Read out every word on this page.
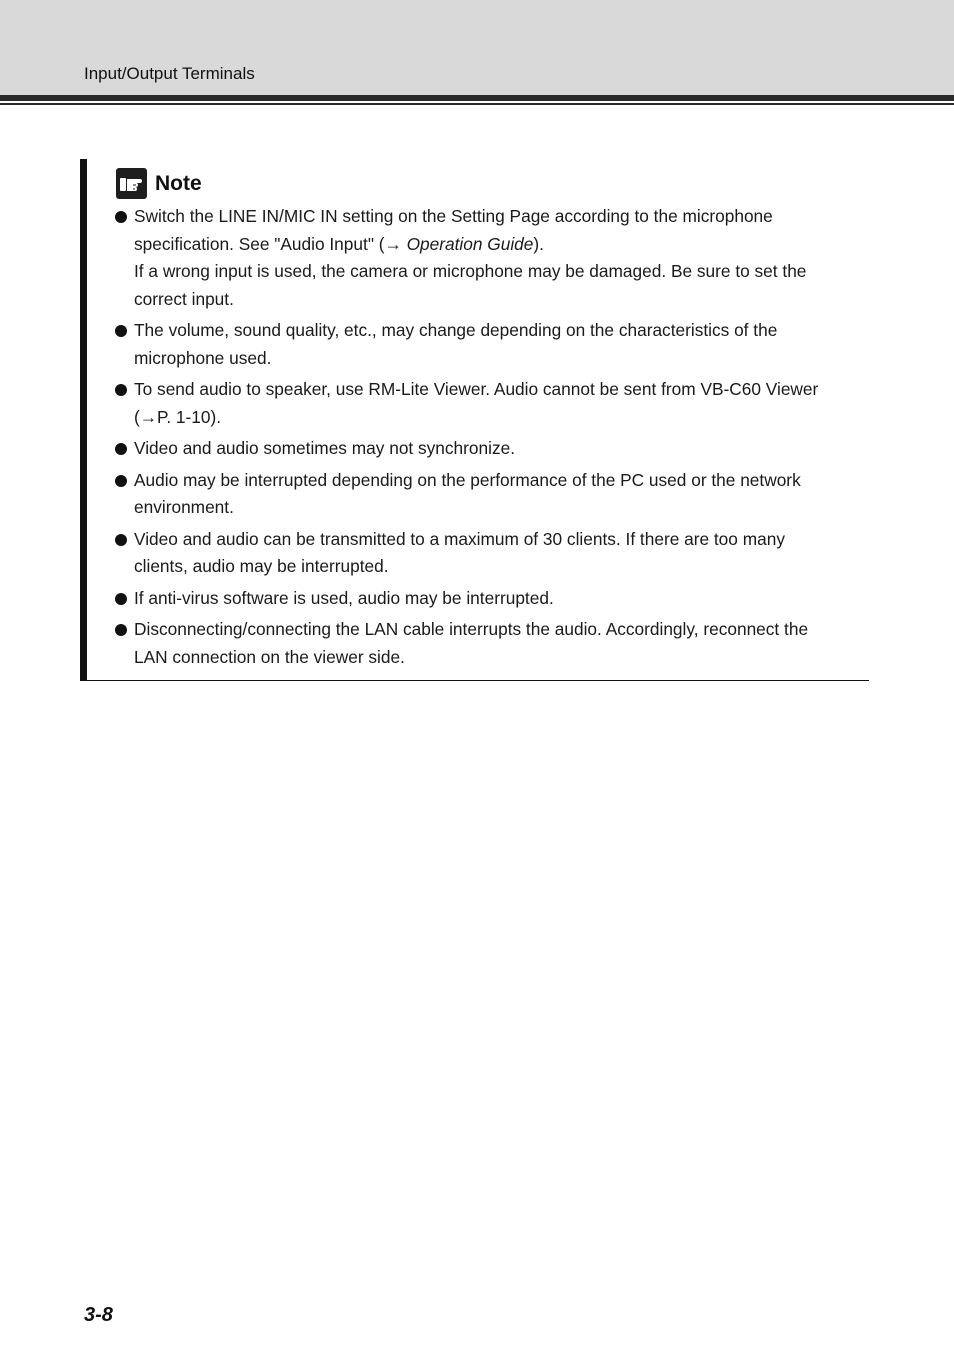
Input/Output Terminals
Note
Switch the LINE IN/MIC IN setting on the Setting Page according to the microphone
specification. See "Audio Input" (→ Operation Guide).
If a wrong input is used, the camera or microphone may be damaged. Be sure to set the
correct input.
The volume, sound quality, etc., may change depending on the characteristics of the
microphone used.
To send audio to speaker, use RM-Lite Viewer. Audio cannot be sent from VB-C60 Viewer
(→P. 1-10).
Video and audio sometimes may not synchronize.
Audio may be interrupted depending on the performance of the PC used or the network
environment.
Video and audio can be transmitted to a maximum of 30 clients. If there are too many
clients, audio may be interrupted.
If anti-virus software is used, audio may be interrupted.
Disconnecting/connecting the LAN cable interrupts the audio. Accordingly, reconnect the
LAN connection on the viewer side.
3-8
